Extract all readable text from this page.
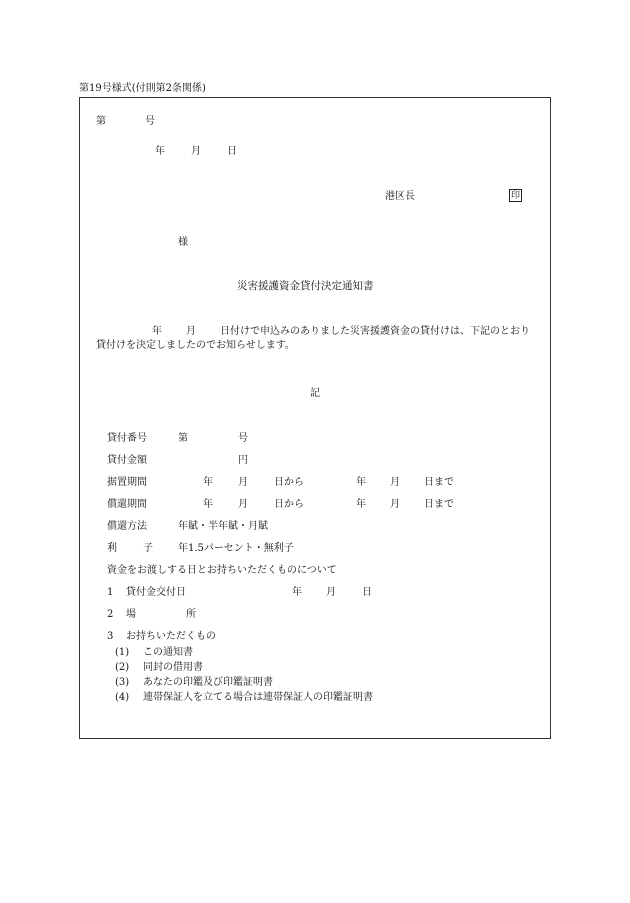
第19号様式(付則第2条関係)
第	号
年	月	日
港区長	印
様
災害援護資金貸付決定通知書
年 月 日付けで申込みのありました災害援護資金の貸付けは、下記のとおり貸付けを決定しましたのでお知らせします。
記
貸付番号	第	号
貸付金額	円
据置期間	年	月	日から	年 月 日まで
償還期間	年	月	日から	年 月 日まで
償還方法	年賦・半年賦・月賦
利	子	年1.5パーセント・無利子
資金をお渡しする日とお持ちいただくものについて
1 貸付金交付日	年 月	日
2 場	所
3 お持ちいただくもの
(1) この通知書
(2) 同封の借用書
(3) あなたの印鑑及び印鑑証明書
(4) 連帯保証人を立てる場合は連帯保証人の印鑑証明書
